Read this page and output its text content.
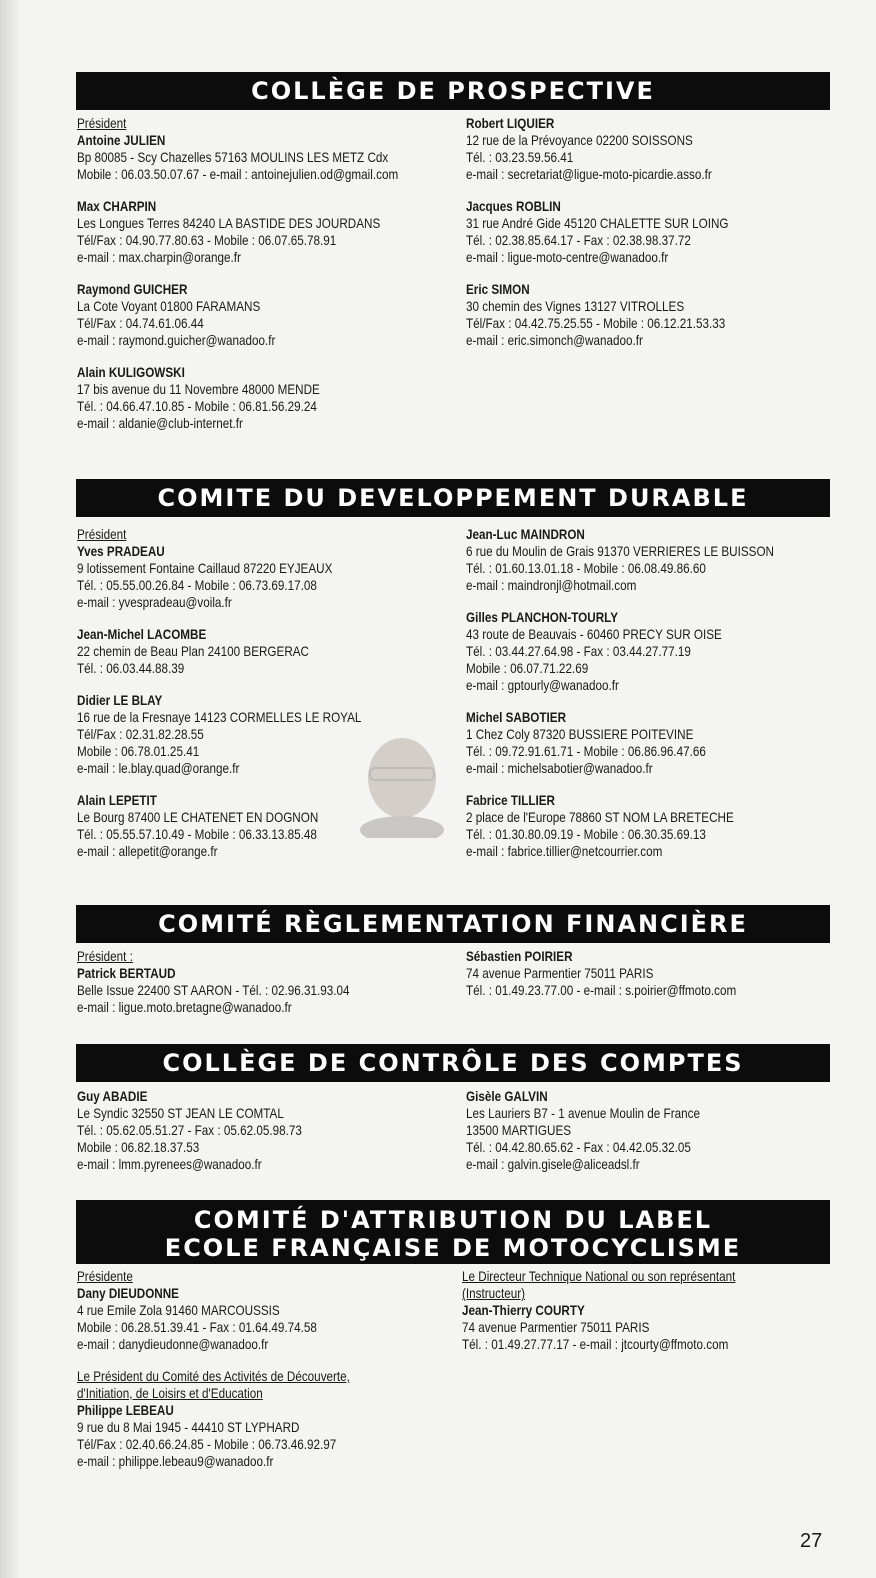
COLLÈGE DE PROSPECTIVE
Président
Antoine JULIEN
Bp 80085 - Scy Chazelles 57163 MOULINS LES METZ Cdx
Mobile : 06.03.50.07.67 - e-mail : antoinejulien.od@gmail.com
Max CHARPIN
Les Longues Terres 84240 LA BASTIDE DES JOURDANS
Tél/Fax : 04.90.77.80.63 - Mobile : 06.07.65.78.91
e-mail : max.charpin@orange.fr
Raymond GUICHER
La Cote Voyant 01800 FARAMANS
Tél/Fax : 04.74.61.06.44
e-mail : raymond.guicher@wanadoo.fr
Alain KULIGOWSKI
17 bis avenue du 11 Novembre 48000 MENDE
Tél. : 04.66.47.10.85 - Mobile : 06.81.56.29.24
e-mail : aldanie@club-internet.fr
Robert LIQUIER
12 rue de la Prévoyance 02200 SOISSONS
Tél. : 03.23.59.56.41
e-mail : secretariat@ligue-moto-picardie.asso.fr
Jacques ROBLIN
31 rue André Gide 45120 CHALETTE SUR LOING
Tél. : 02.38.85.64.17 - Fax : 02.38.98.37.72
e-mail : ligue-moto-centre@wanadoo.fr
Eric SIMON
30 chemin des Vignes 13127 VITROLLES
Tél/Fax : 04.42.75.25.55 - Mobile : 06.12.21.53.33
e-mail : eric.simonch@wanadoo.fr
COMITE DU DEVELOPPEMENT DURABLE
Président
Yves PRADEAU
9 lotissement Fontaine Caillaud 87220 EYJEAUX
Tél. : 05.55.00.26.84 - Mobile : 06.73.69.17.08
e-mail : yvespradeau@voila.fr
Jean-Michel LACOMBE
22 chemin de Beau Plan 24100 BERGERAC
Tél. : 06.03.44.88.39
Didier LE BLAY
16 rue de la Fresnaye 14123 CORMELLES LE ROYAL
Tél/Fax : 02.31.82.28.55
Mobile : 06.78.01.25.41
e-mail : le.blay.quad@orange.fr
Alain LEPETIT
Le Bourg 87400 LE CHATENET EN DOGNON
Tél. : 05.55.57.10.49 - Mobile : 06.33.13.85.48
e-mail : allepetit@orange.fr
Jean-Luc MAINDRON
6 rue du Moulin de Grais 91370 VERRIERES LE BUISSON
Tél. : 01.60.13.01.18 - Mobile : 06.08.49.86.60
e-mail : maindronjl@hotmail.com
Gilles PLANCHON-TOURLY
43 route de Beauvais - 60460 PRECY SUR OISE
Tél. : 03.44.27.64.98 - Fax : 03.44.27.77.19
Mobile : 06.07.71.22.69
e-mail : gptourly@wanadoo.fr
Michel SABOTIER
1 Chez Coly 87320 BUSSIERE POITEVINE
Tél. : 09.72.91.61.71 - Mobile : 06.86.96.47.66
e-mail : michelsabotier@wanadoo.fr
Fabrice TILLIER
2 place de l'Europe 78860 ST NOM LA BRETECHE
Tél. : 01.30.80.09.19 - Mobile : 06.30.35.69.13
e-mail : fabrice.tillier@netcourrier.com
COMITÉ RÈGLEMENTATION FINANCIÈRE
Président :
Patrick BERTAUD
Belle Issue 22400 ST AARON - Tél. : 02.96.31.93.04
e-mail : ligue.moto.bretagne@wanadoo.fr
Sébastien POIRIER
74 avenue Parmentier 75011 PARIS
Tél. : 01.49.23.77.00 - e-mail : s.poirier@ffmoto.com
COLLÈGE DE CONTRÔLE DES COMPTES
Guy ABADIE
Le Syndic 32550 ST JEAN LE COMTAL
Tél. : 05.62.05.51.27 - Fax : 05.62.05.98.73
Mobile : 06.82.18.37.53
e-mail : lmm.pyrenees@wanadoo.fr
Gisèle GALVIN
Les Lauriers B7 - 1 avenue Moulin de France
13500 MARTIGUES
Tél. : 04.42.80.65.62 - Fax : 04.42.05.32.05
e-mail : galvin.gisele@aliceadsl.fr
COMITÉ D'ATTRIBUTION DU LABEL
ECOLE FRANÇAISE DE MOTOCYCLISME
Présidente
Dany DIEUDONNE
4 rue Emile Zola 91460 MARCOUSSIS
Mobile : 06.28.51.39.41 - Fax : 01.64.49.74.58
e-mail : danydieudonne@wanadoo.fr
Le Président du Comité des Activités de Découverte,
d'Initiation, de Loisirs et d'Education
Philippe LEBEAU
9 rue du 8 Mai 1945 - 44410 ST LYPHARD
Tél/Fax : 02.40.66.24.85 - Mobile : 06.73.46.92.97
e-mail : philippe.lebeau9@wanadoo.fr
Le Directeur Technique National ou son représentant
(Instructeur)
Jean-Thierry COURTY
74 avenue Parmentier 75011 PARIS
Tél. : 01.49.27.77.17 - e-mail : jtcourty@ffmoto.com
27
